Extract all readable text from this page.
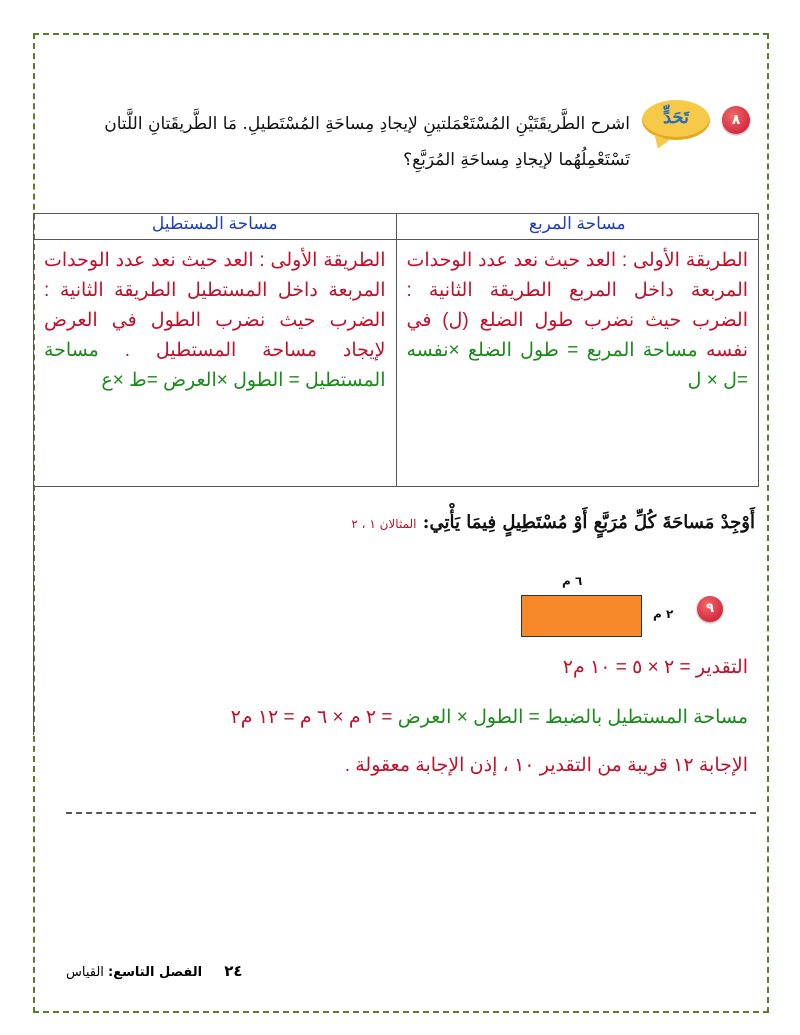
٨
تَحَدٍّ
اشرح الطَّريقَتَيْنِ المُسْتَعْمَلتينِ لإيجادِ مِساحَةِ المُسْتَطيلِ. مَا الطَّريقَتانِ اللَّتان تَسْتَعْمِلُهُما لإيجادِ مِساحَةِ المُرَبَّعِ؟
مساحة المربع	مساحة المستطيل
الطريقة الأولى : العد حيث نعد عدد الوحدات المربعة داخل المربع الطريقة الثانية : الضرب حيث نضرب طول الضلع (ل) في نفسه مساحة المربع = طول الضلع ×نفسه =ل × ل	الطريقة الأولى : العد حيث نعد عدد الوحدات المربعة داخل المستطيل الطريقة الثانية : الضرب حيث نضرب الطول في العرض لإيجاد مساحة المستطيل . مساحة المستطيل = الطول ×العرض =ط ×ع
أَوْجِدْ مَساحَةَ كُلِّ مُرَبَّعٍ أَوْ مُسْتَطِيلٍ فِيمَا يَأْتِي: المثالان ١ ، ٢
٩
٦ م
٢ م
التقدير = ٢ × ٥ = ١٠ م٢
مساحة المستطيل بالضبط = الطول × العرض = ٢ م × ٦ م = ١٢ م٢
الإجابة ١٢ قريبة من التقدير ١٠ ، إذن الإجابة معقولة .
٢٤ الفصل التاسع: القياس
